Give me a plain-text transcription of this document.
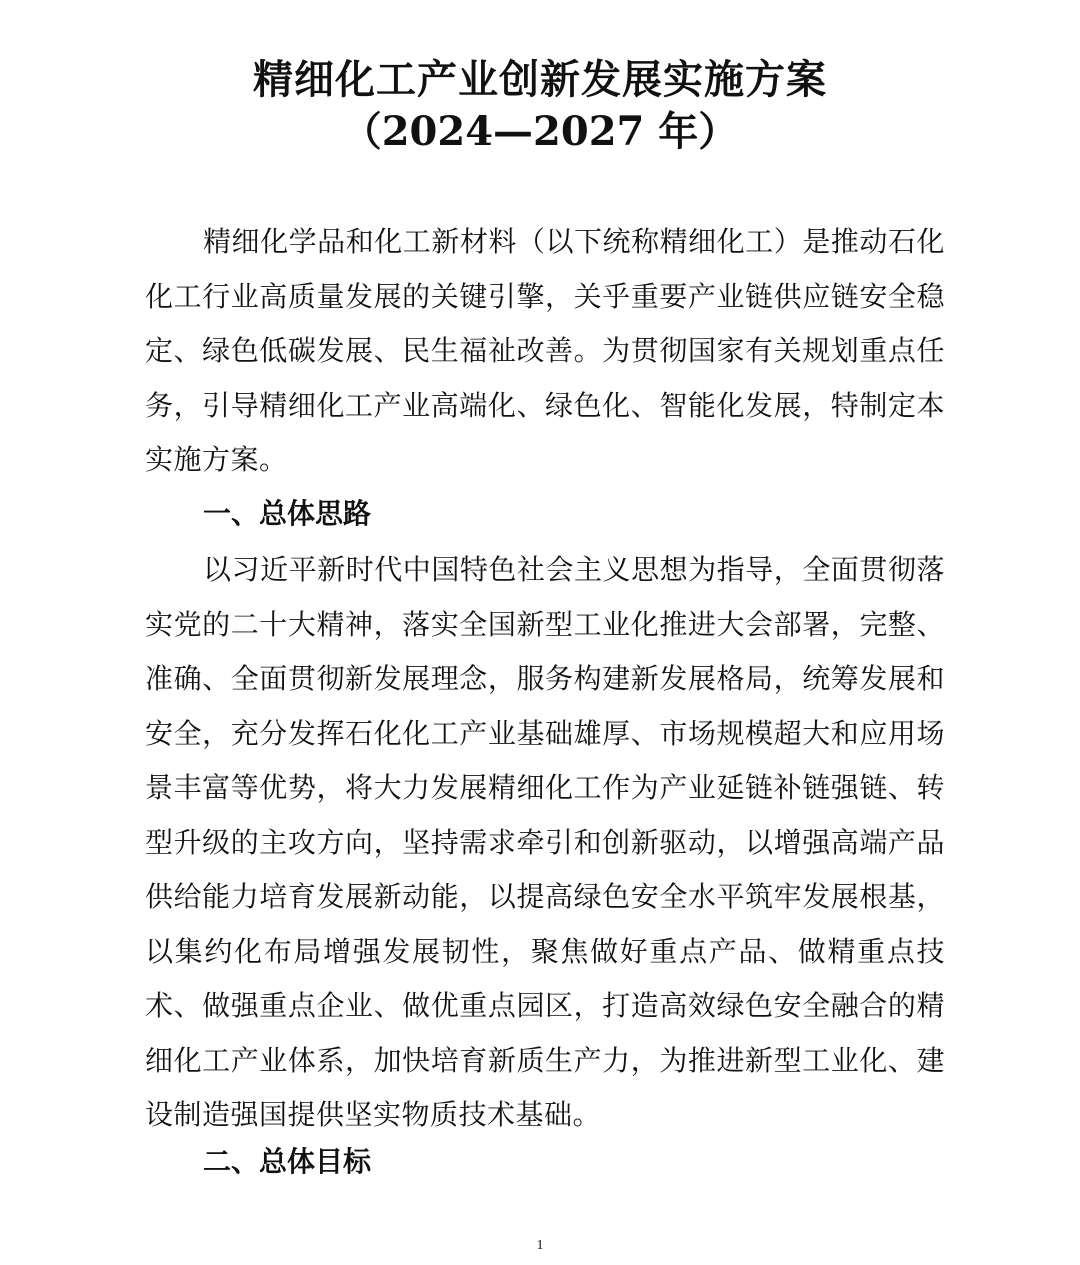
精细化工产业创新发展实施方案
（2024—2027 年）

精细化学品和化工新材料（以下统称精细化工）是推动石化化工行业高质量发展的关键引擎，关乎重要产业链供应链安全稳定、绿色低碳发展、民生福祉改善。为贯彻国家有关规划重点任务，引导精细化工产业高端化、绿色化、智能化发展，特制定本实施方案。

一、总体思路

以习近平新时代中国特色社会主义思想为指导，全面贯彻落实党的二十大精神，落实全国新型工业化推进大会部署，完整、准确、全面贯彻新发展理念，服务构建新发展格局，统筹发展和安全，充分发挥石化化工产业基础雄厚、市场规模超大和应用场景丰富等优势，将大力发展精细化工作为产业延链补链强链、转型升级的主攻方向，坚持需求牵引和创新驱动，以增强高端产品供给能力培育发展新动能，以提高绿色安全水平筑牢发展根基，以集约化布局增强发展韧性，聚焦做好重点产品、做精重点技术、做强重点企业、做优重点园区，打造高效绿色安全融合的精细化工产业体系，加快培育新质生产力，为推进新型工业化、建设制造强国提供坚实物质技术基础。

二、总体目标
1
